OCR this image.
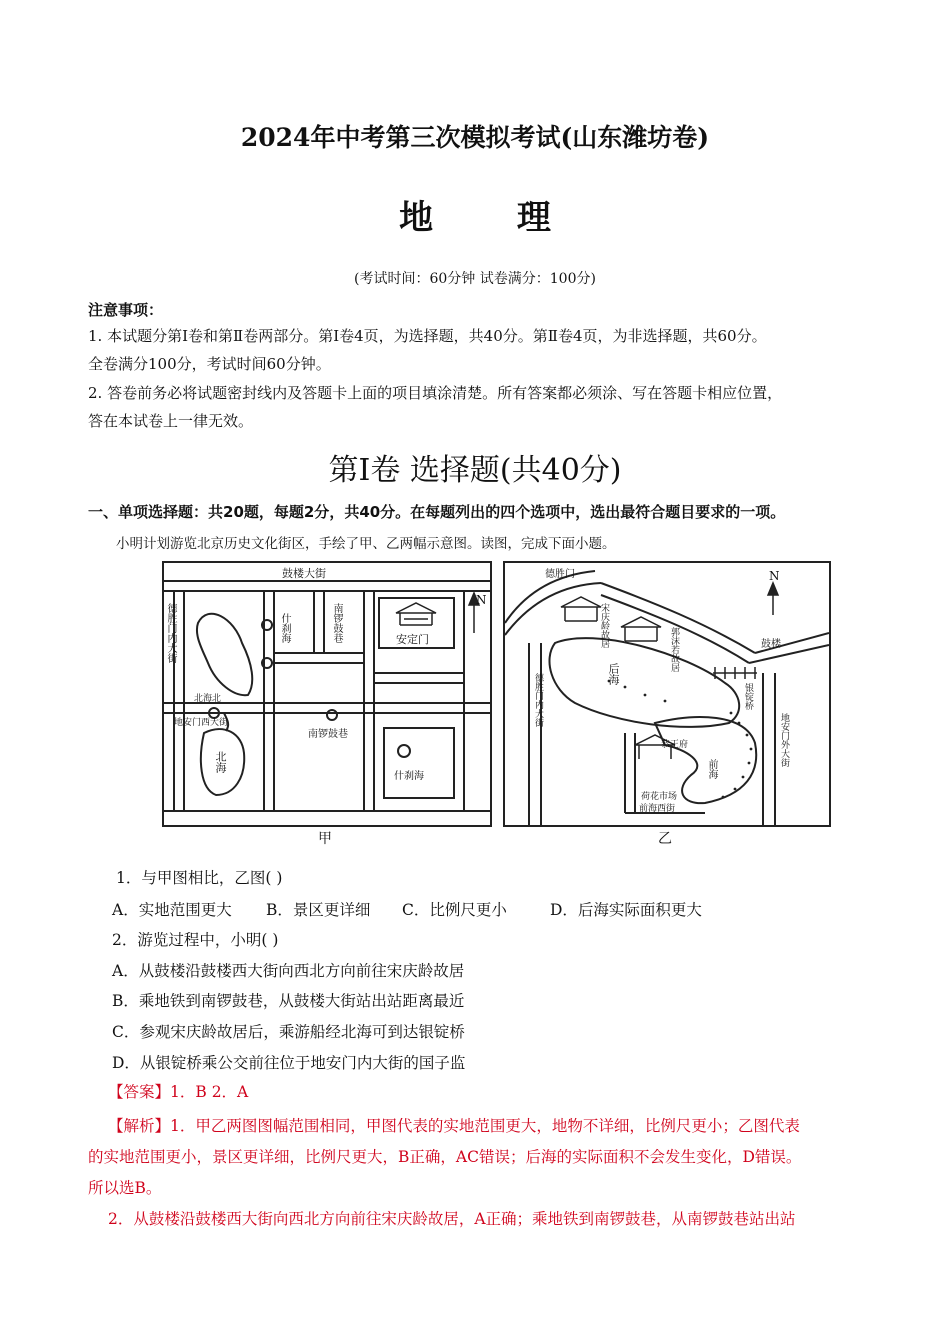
2024年中考第三次模拟考试(山东潍坊卷)
地 理
(考试时间：60分钟 试卷满分：100分)
注意事项：
1. 本试题分第Ⅰ卷和第Ⅱ卷两部分。第Ⅰ卷4页，为选择题，共40分。第Ⅱ卷4页，为非选择题，共60分。
全卷满分100分，考试时间60分钟。
2. 答卷前务必将试题密封线内及答题卡上面的项目填涂清楚。所有答案都必须涂、写在答题卡相应位置，
答在本试卷上一律无效。
第Ⅰ卷 选择题(共40分)
一、单项选择题：共20题，每题2分，共40分。在每题列出的四个选项中，选出最符合题目要求的一项。
小明计划游览北京历史文化街区，手绘了甲、乙两幅示意图。读图，完成下面小题。
N
鼓楼大街
德胜门内大街	安定门
什刹海	南锣鼓巷
北海北
地安门西大街
北海
南锣鼓巷
什刹海
甲
N
德胜门
宋庆龄故居
郭沫若故居	鼓楼
后海
银锭桥
恭王府
前海
德胜门内大街
地安门外大街
荷花市场
前海西街
乙
1．与甲图相比，乙图( )
A．实地范围更大 B．景区更详细 C．比例尺更小	D．后海实际面积更大
2．游览过程中，小明( )
A．从鼓楼沿鼓楼西大街向西北方向前往宋庆龄故居
B．乘地铁到南锣鼓巷，从鼓楼大街站出站距离最近
C．参观宋庆龄故居后，乘游船经北海可到达银锭桥
D．从银锭桥乘公交前往位于地安门内大街的国子监
【答案】1．B 2．A
【解析】1．甲乙两图图幅范围相同，甲图代表的实地范围更大，地物不详细，比例尺更小；乙图代表
的实地范围更小，景区更详细，比例尺更大，B正确，AC错误；后海的实际面积不会发生变化，D错误。
所以选B。
2．从鼓楼沿鼓楼西大街向西北方向前往宋庆龄故居，A正确；乘地铁到南锣鼓巷，从南锣鼓巷站出站
